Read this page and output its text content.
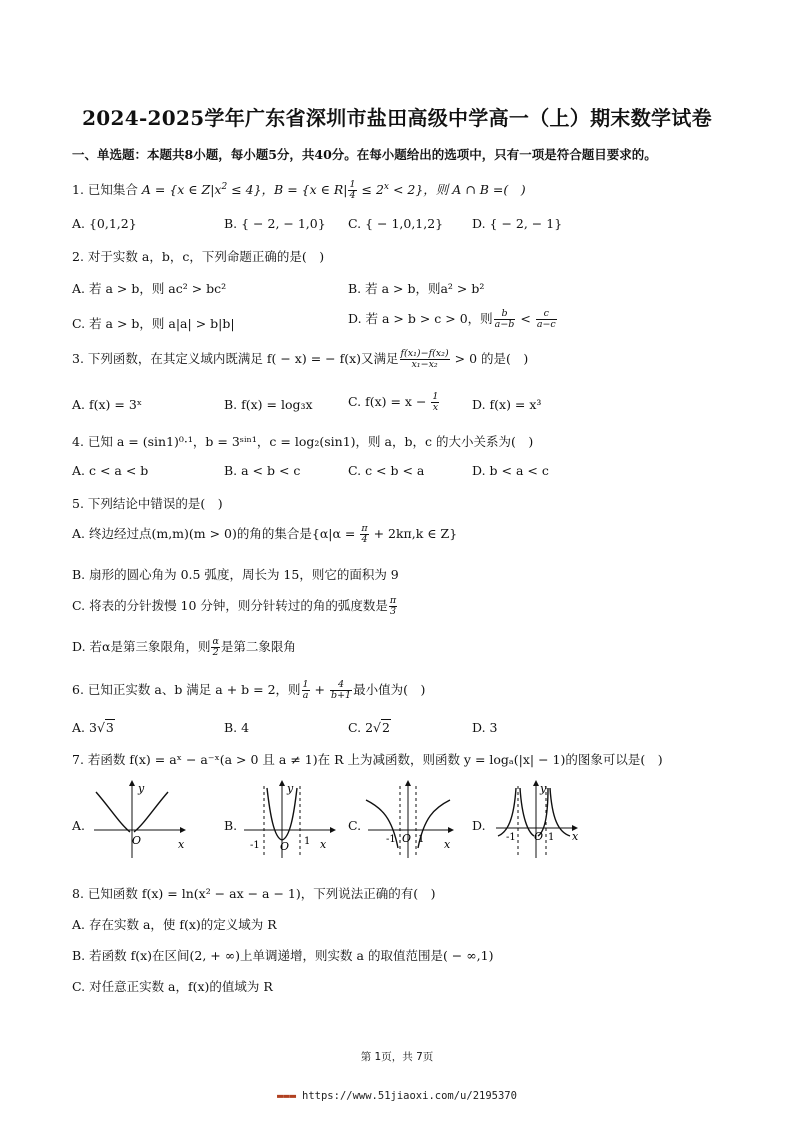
2024-2025学年广东省深圳市盐田高级中学高一（上）期末数学试卷
一、单选题：本题共8小题，每小题5分，共40分。在每小题给出的选项中，只有一项是符合题目要求的。
1. 已知集合 A = {x ∈ $Z|x^2 \le 4$}，B = {x ∈ $R| \frac{1}{4} \le 2^x < 2$}，则 A ∩ B =(　)
A. {0,1,2}	B. { − 2, − 1,0} C. { − 1,0,1,2} D. { − 2, − 1}
2. 对于实数 a，b，c，下列命题正确的是(　)
A. 若 a > b，则 ac² > bc²	B. 若 a > b，则a² > b²
C. 若 a > b，则 a|a| > b|b|	D. 若 a > b > c > 0，则 $\frac{b}{a-b} < \frac{c}{a-c}$
3. 下列函数，在其定义域内既满足 f( − x) = − f(x)又满足 $\frac{\text{f(x₁)−f(x₂)}}{\text{x₁−x₂}} > 0$ 的是(　)
A. f(x) = 3ˣ	B. f(x) = log₃x	C. $f(x) = x - \frac{1}{x}$	D. f(x) = x³
4. 已知 a = (sin1)⁰·¹，b = 3ˢⁱⁿ¹，c = log₂(sin1)，则 a，b，c 的大小关系为(　)
A. c < a < b	B. a < b < c	C. c < b < a	D. b < a < c
5. 下列结论中错误的是(　)
A. 终边经过点(m,m)(m > 0)的角的集合是{$\alpha|\alpha = \frac{\pi}{4} + 2k\pi,k$ ∈ Z}
B. 扇形的圆心角为 0.5 弧度，周长为 15，则它的面积为 9
C. 将表的分针拨慢 10 分钟，则分针转过的角的弧度数是 $\frac{\pi}{3}$
D. 若α是第三象限角，则 $\frac{\alpha}{2}$ 是第二象限角
6. 已知正实数 a、b 满足 a + b = 2，则 $\frac{1}{a} + \frac{4}{b+1}$ 最小值为(　)
A. 3√3	B. 4	C. 2√2	D. 3
7. 若函数 f(x) = aˣ − a⁻ˣ(a > 0 且 a ≠ 1)在 R 上为减函数，则函数 y = logₐ(|x| − 1)的图象可以是(　)
A.
y
x
O
B.
y
x
O
-1	1
C.
-1 O 1 x
D.
y
-1 O 1 x
8. 已知函数 f(x) = ln(x² − ax − a − 1)，下列说法正确的有(　)
A. 存在实数 a，使 f(x)的定义域为 R
B. 若函数 f(x)在区间(2, + ∞)上单调递增，则实数 a 的取值范围是( − ∞,1)
C. 对任意正实数 a，f(x)的值域为 R
第 1页，共 7页
▬▬▬ https://www.51jiaoxi.com/u/2195370
